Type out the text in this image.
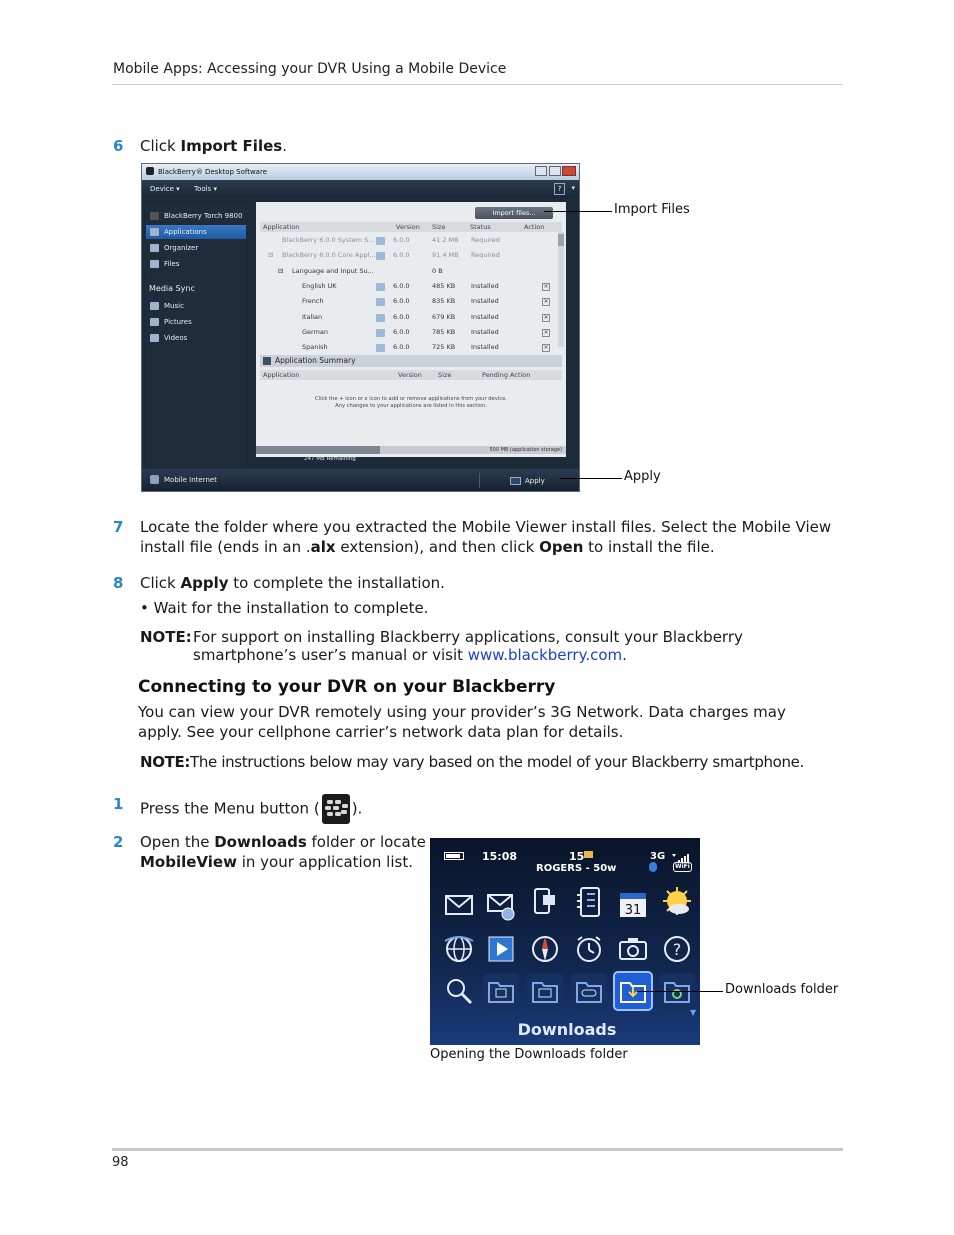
Mobile Apps: Accessing your DVR Using a Mobile Device
6 Click Import Files.
BlackBerry® Desktop Software
Device ▾ Tools ▾	?	▾
BlackBerry Torch 9800
Applications
Organizer
Files
Media Sync
Music
Pictures
Videos
Application	Version Size	Status	Action
BlackBerry 6.0.0 System S...	6.0.0	41.2 MB Required
⊟ BlackBerry 6.0.0 Core Appl...	6.0.0	91.4 MB Required
⊟ Language and Input Su...	0 B
English UK	6.0.0	485 KB Installed	×
French	6.0.0	835 KB Installed	×
Italian	6.0.0	679 KB Installed	×
German	6.0.0	785 KB Installed	×
Spanish	6.0.0	725 KB Installed	×
Application Summary
Application	Version Size	Pending Action
Click the + icon or x icon to add or remove applications from your device.
Any changes to your applications are listed in this section.
Import files...
500 MB (application storage)
247 MB Remaining
Mobile Internet	Apply
Import Files
Apply
7 Locate the folder where you extracted the Mobile Viewer install files. Select the Mobile View
install file (ends in an .alx extension), and then click Open to install the file.
8 Click Apply to complete the installation.
• Wait for the installation to complete.
NOTE: For support on installing Blackberry applications, consult your Blackberry
smartphone’s user’s manual or visit www.blackberry.com.
Connecting to your DVR on your Blackberry
You can view your DVR remotely using your provider’s 3G Network. Data charges may
apply. See your cellphone carrier’s network data plan for details.
NOTE:The instructions below may vary based on the model of your Blackberry smartphone.
1 Press the Menu button ( ).
2 Open the Downloads folder or locate
MobileView in your application list.	15:08	15
ROGERS - 50w
3G
WiFi
31
?
▼
Downloads
Downloads folder
Opening the Downloads folder
98
